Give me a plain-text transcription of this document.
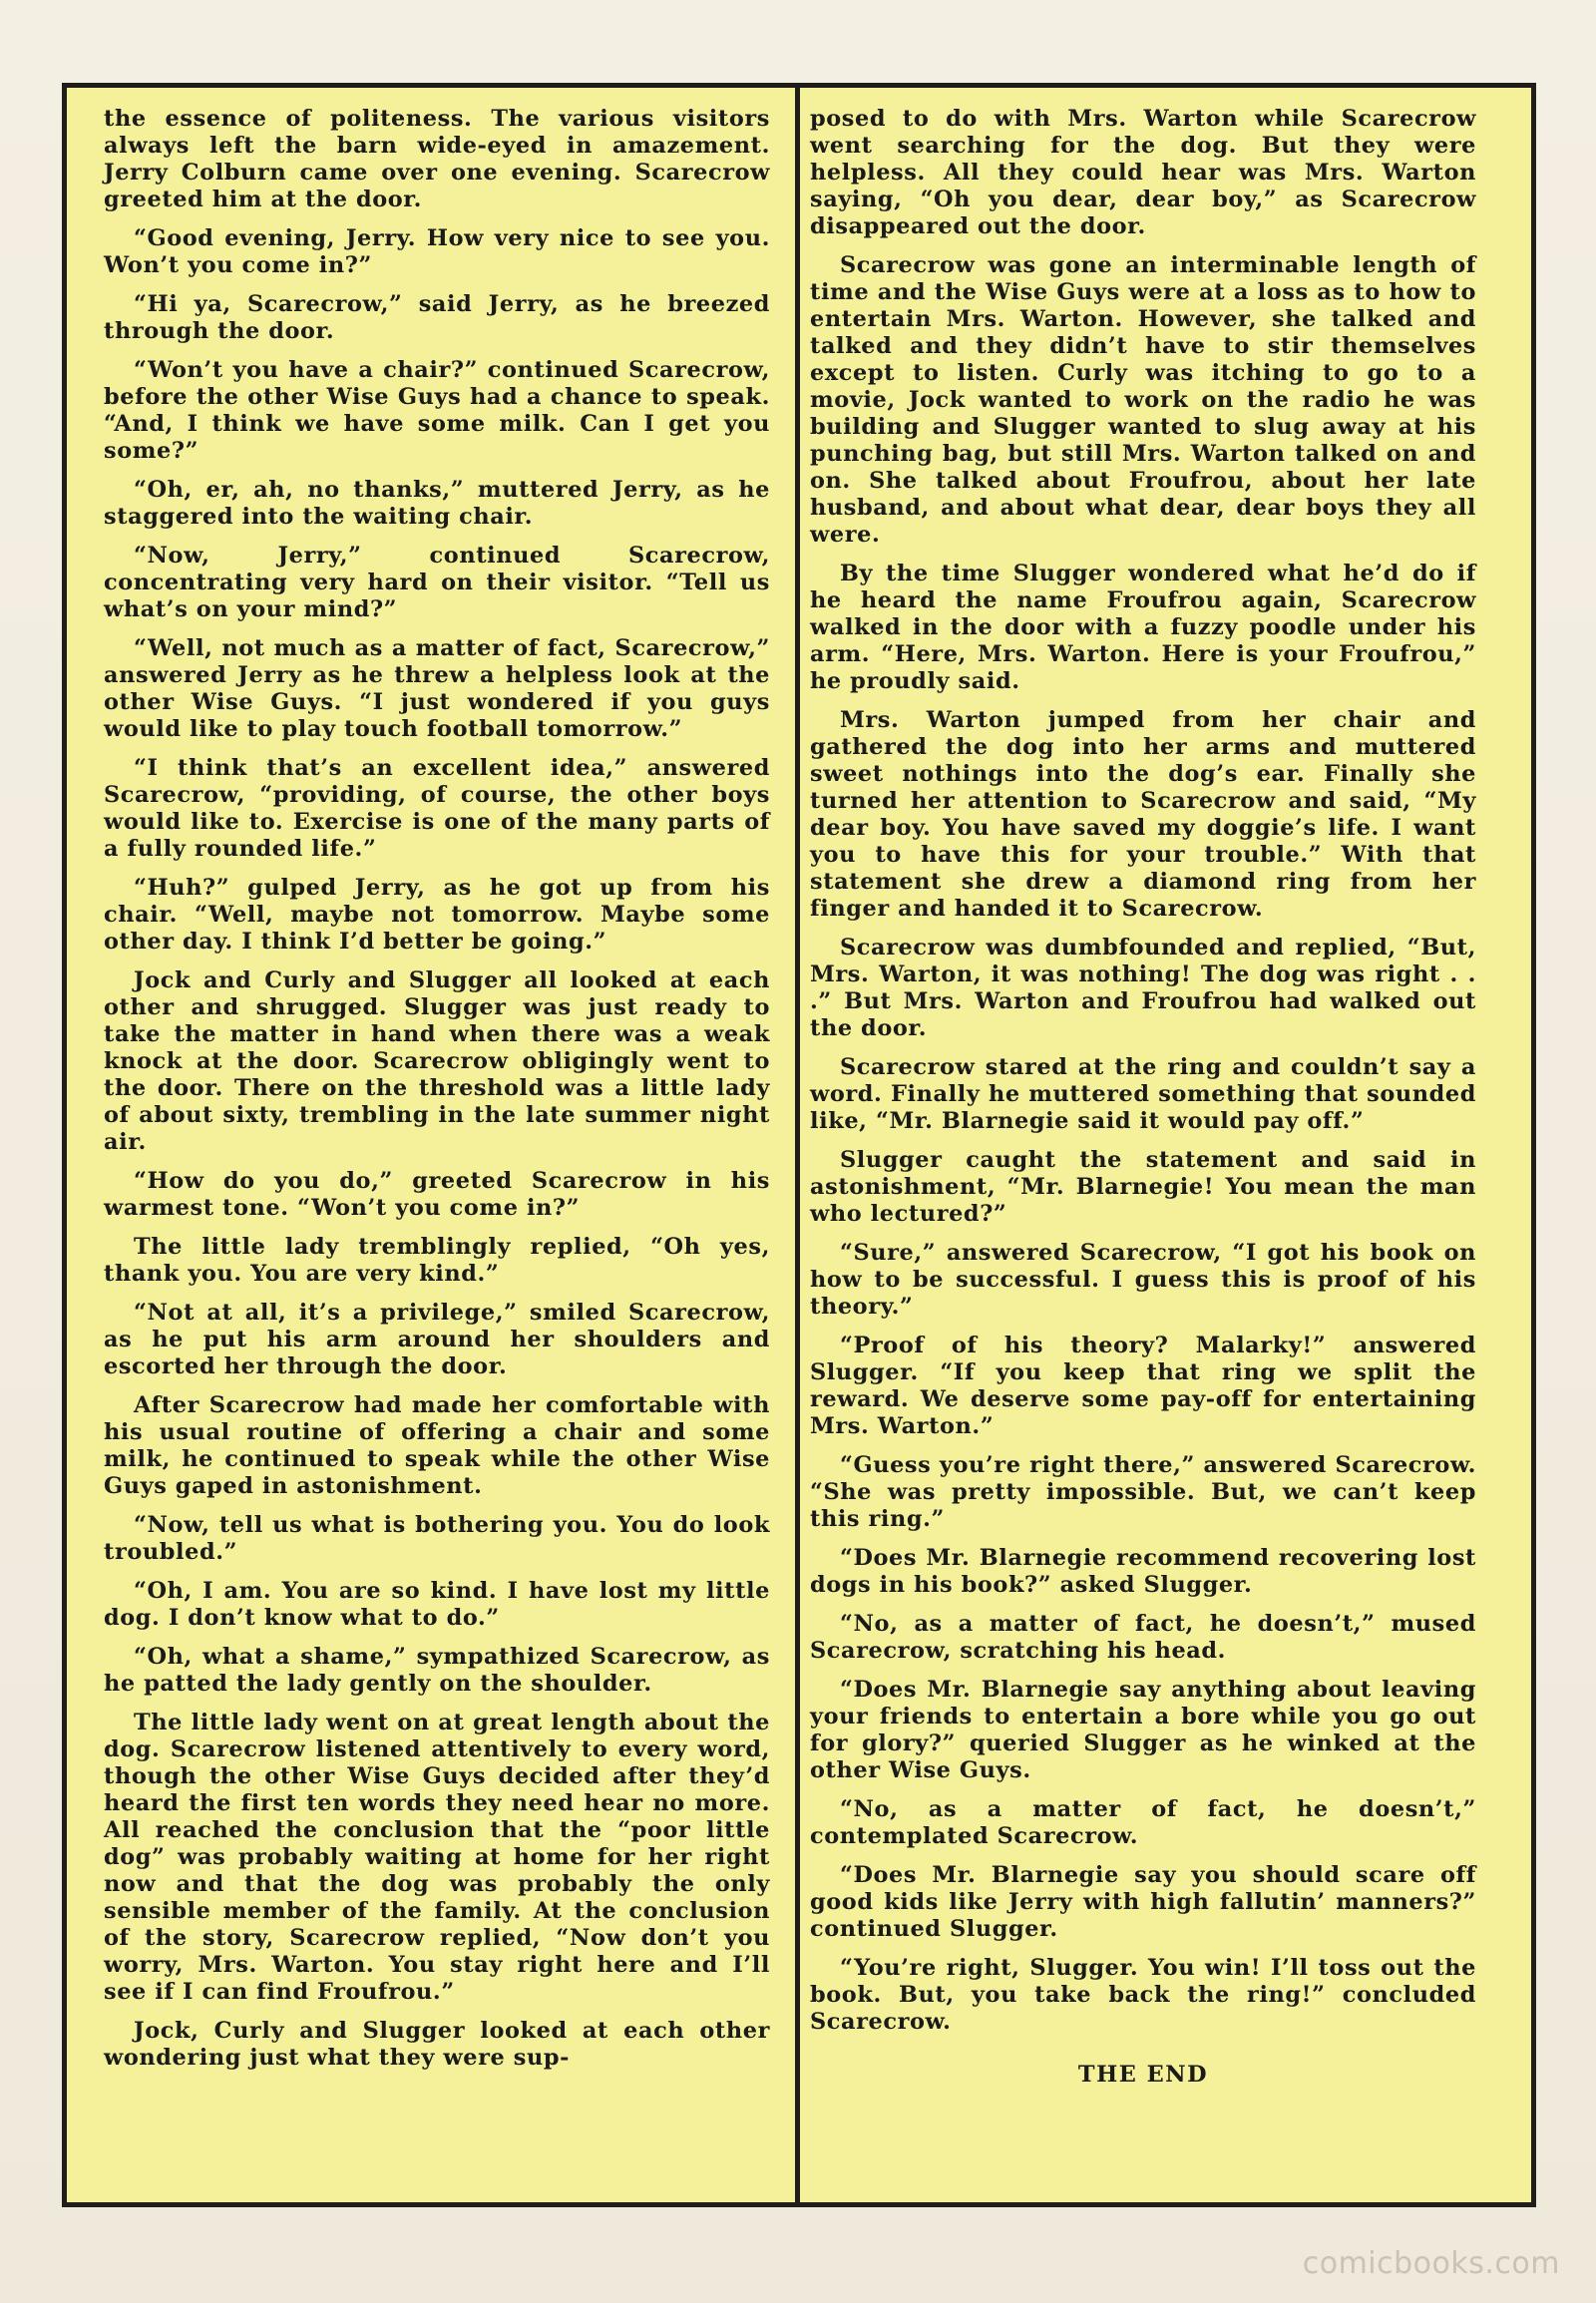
the essence of politeness. The various visitors always left the barn wide-eyed in amazement. Jerry Colburn came over one evening. Scarecrow greeted him at the door.

“Good evening, Jerry. How very nice to see you. Won’t you come in?”

“Hi ya, Scarecrow,” said Jerry, as he breezed through the door.

“Won’t you have a chair?” continued Scarecrow, before the other Wise Guys had a chance to speak. “And, I think we have some milk. Can I get you some?”

“Oh, er, ah, no thanks,” muttered Jerry, as he staggered into the waiting chair.

“Now, Jerry,” continued Scarecrow, concentrating very hard on their visitor. “Tell us what’s on your mind?”

“Well, not much as a matter of fact, Scarecrow,” answered Jerry as he threw a helpless look at the other Wise Guys. “I just wondered if you guys would like to play touch football tomorrow.”

“I think that’s an excellent idea,” answered Scarecrow, “providing, of course, the other boys would like to. Exercise is one of the many parts of a fully rounded life.”

“Huh?” gulped Jerry, as he got up from his chair. “Well, maybe not tomorrow. Maybe some other day. I think I’d better be going.”

Jock and Curly and Slugger all looked at each other and shrugged. Slugger was just ready to take the matter in hand when there was a weak knock at the door. Scarecrow obligingly went to the door. There on the threshold was a little lady of about sixty, trembling in the late summer night air.

“How do you do,” greeted Scarecrow in his warmest tone. “Won’t you come in?”

The little lady tremblingly replied, “Oh yes, thank you. You are very kind.”

“Not at all, it’s a privilege,” smiled Scarecrow, as he put his arm around her shoulders and escorted her through the door.

After Scarecrow had made her comfortable with his usual routine of offering a chair and some milk, he continued to speak while the other Wise Guys gaped in astonishment.

“Now, tell us what is bothering you. You do look troubled.”

“Oh, I am. You are so kind. I have lost my little dog. I don’t know what to do.”

“Oh, what a shame,” sympathized Scarecrow, as he patted the lady gently on the shoulder.

The little lady went on at great length about the dog. Scarecrow listened attentively to every word, though the other Wise Guys decided after they’d heard the first ten words they need hear no more. All reached the conclusion that the “poor little dog” was probably waiting at home for her right now and that the dog was probably the only sensible member of the family. At the conclusion of the story, Scarecrow replied, “Now don’t you worry, Mrs. Warton. You stay right here and I’ll see if I can find Froufrou.”

Jock, Curly and Slugger looked at each other wondering just what they were sup-

posed to do with Mrs. Warton while Scarecrow went searching for the dog. But they were helpless. All they could hear was Mrs. Warton saying, “Oh you dear, dear boy,” as Scarecrow disappeared out the door.

Scarecrow was gone an interminable length of time and the Wise Guys were at a loss as to how to entertain Mrs. Warton. However, she talked and talked and they didn’t have to stir themselves except to listen. Curly was itching to go to a movie, Jock wanted to work on the radio he was building and Slugger wanted to slug away at his punching bag, but still Mrs. Warton talked on and on. She talked about Froufrou, about her late husband, and about what dear, dear boys they all were.

By the time Slugger wondered what he’d do if he heard the name Froufrou again, Scarecrow walked in the door with a fuzzy poodle under his arm. “Here, Mrs. Warton. Here is your Froufrou,” he proudly said.

Mrs. Warton jumped from her chair and gathered the dog into her arms and muttered sweet nothings into the dog’s ear. Finally she turned her attention to Scarecrow and said, “My dear boy. You have saved my doggie’s life. I want you to have this for your trouble.” With that statement she drew a diamond ring from her finger and handed it to Scarecrow.

Scarecrow was dumbfounded and replied, “But, Mrs. Warton, it was nothing! The dog was right . . .” But Mrs. Warton and Froufrou had walked out the door.

Scarecrow stared at the ring and couldn’t say a word. Finally he muttered something that sounded like, “Mr. Blarnegie said it would pay off.”

Slugger caught the statement and said in astonishment, “Mr. Blarnegie! You mean the man who lectured?”

“Sure,” answered Scarecrow, “I got his book on how to be successful. I guess this is proof of his theory.”

“Proof of his theory? Malarky!” answered Slugger. “If you keep that ring we split the reward. We deserve some pay-off for entertaining Mrs. Warton.”

“Guess you’re right there,” answered Scarecrow. “She was pretty impossible. But, we can’t keep this ring.”

“Does Mr. Blarnegie recommend recovering lost dogs in his book?” asked Slugger.

“No, as a matter of fact, he doesn’t,” mused Scarecrow, scratching his head.

“Does Mr. Blarnegie say anything about leaving your friends to entertain a bore while you go out for glory?” queried Slugger as he winked at the other Wise Guys.

“No, as a matter of fact, he doesn’t,” contemplated Scarecrow.

“Does Mr. Blarnegie say you should scare off good kids like Jerry with high fallutin’ manners?” continued Slugger.

“You’re right, Slugger. You win! I’ll toss out the book. But, you take back the ring!” concluded Scarecrow.

THE END

comicbooks.com
